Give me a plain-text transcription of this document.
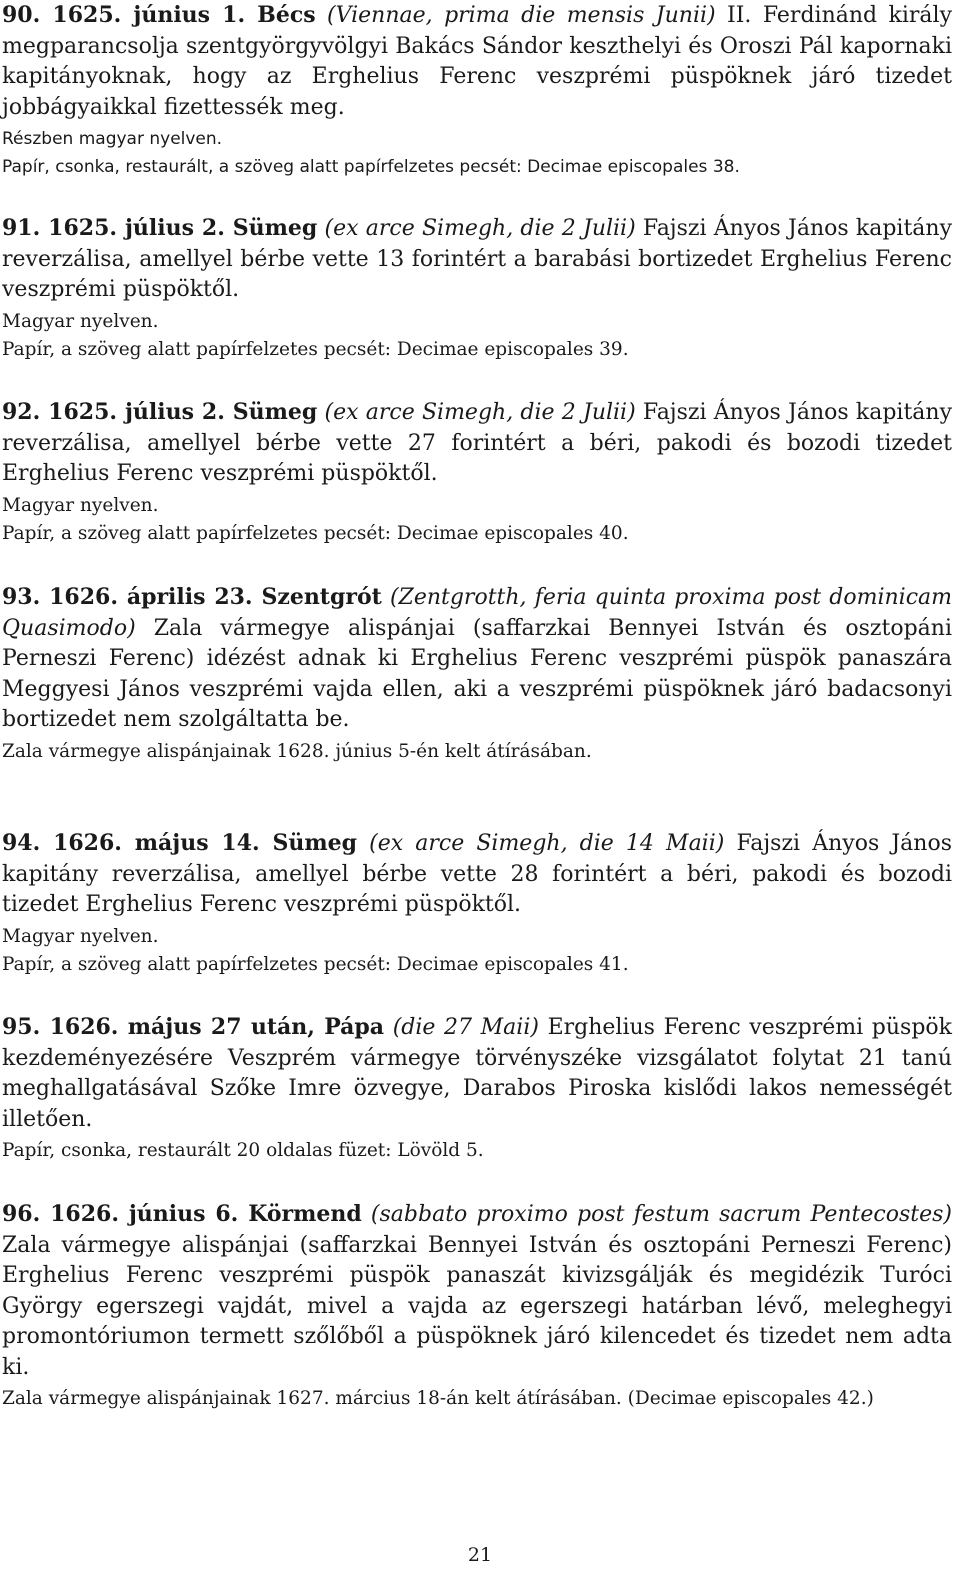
90. 1625. június 1. Bécs (Viennae, prima die mensis Junii) II. Ferdinánd király megparancsolja szentgyörgyvölgyi Bakács Sándor keszthelyi és Oroszi Pál kapornaki kapitányoknak, hogy az Erghelius Ferenc veszprémi püspöknek járó tizedet jobbágyaikkal fizettessék meg.
Részben magyar nyelven.
Papír, csonka, restaurált, a szöveg alatt papírfelzetes pecsét: Decimae episcopales 38.
91. 1625. július 2. Sümeg (ex arce Simegh, die 2 Julii) Fajszi Ányos János kapitány reverzálisa, amellyel bérbe vette 13 forintért a barabási bortizedet Erghelius Ferenc veszprémi püspöktől.
Magyar nyelven.
Papír, a szöveg alatt papírfelzetes pecsét: Decimae episcopales 39.
92. 1625. július 2. Sümeg (ex arce Simegh, die 2 Julii) Fajszi Ányos János kapitány reverzálisa, amellyel bérbe vette 27 forintért a béri, pakodi és bozodi tizedet Erghelius Ferenc veszprémi püspöktől.
Magyar nyelven.
Papír, a szöveg alatt papírfelzetes pecsét: Decimae episcopales 40.
93. 1626. április 23. Szentgrót (Zentgrotth, feria quinta proxima post dominicam Quasimodo) Zala vármegye alispánjai (saffarzkai Bennyei István és osztopáni Perneszi Ferenc) idézést adnak ki Erghelius Ferenc veszprémi püspök panaszára Meggyesi János veszprémi vajda ellen, aki a veszprémi püspöknek járó badacsonyi bortizedet nem szolgáltatta be.
Zala vármegye alispánjainak 1628. június 5-én kelt átírásában.
94. 1626. május 14. Sümeg (ex arce Simegh, die 14 Maii) Fajszi Ányos János kapitány reverzálisa, amellyel bérbe vette 28 forintért a béri, pakodi és bozodi tizedet Erghelius Ferenc veszprémi püspöktől.
Magyar nyelven.
Papír, a szöveg alatt papírfelzetes pecsét: Decimae episcopales 41.
95. 1626. május 27 után, Pápa (die 27 Maii) Erghelius Ferenc veszprémi püspök kezdeményezésére Veszprém vármegye törvényszéke vizsgálatot folytat 21 tanú meghallgatásával Szőke Imre özvegye, Darabos Piroska kislődi lakos nemességét illetően.
Papír, csonka, restaurált 20 oldalas füzet: Lövöld 5.
96. 1626. június 6. Körmend (sabbato proximo post festum sacrum Pentecostes) Zala vármegye alispánjai (saffarzkai Bennyei István és osztopáni Perneszi Ferenc) Erghelius Ferenc veszprémi püspök panaszát kivizsgálják és megidézik Turóci György egerszegi vajdát, mivel a vajda az egerszegi határban lévő, meleghegyi promontóriumon termett szőlőből a püspöknek járó kilencedet és tizedet nem adta ki.
Zala vármegye alispánjainak 1627. március 18-án kelt átírásában. (Decimae episcopales 42.)
21
